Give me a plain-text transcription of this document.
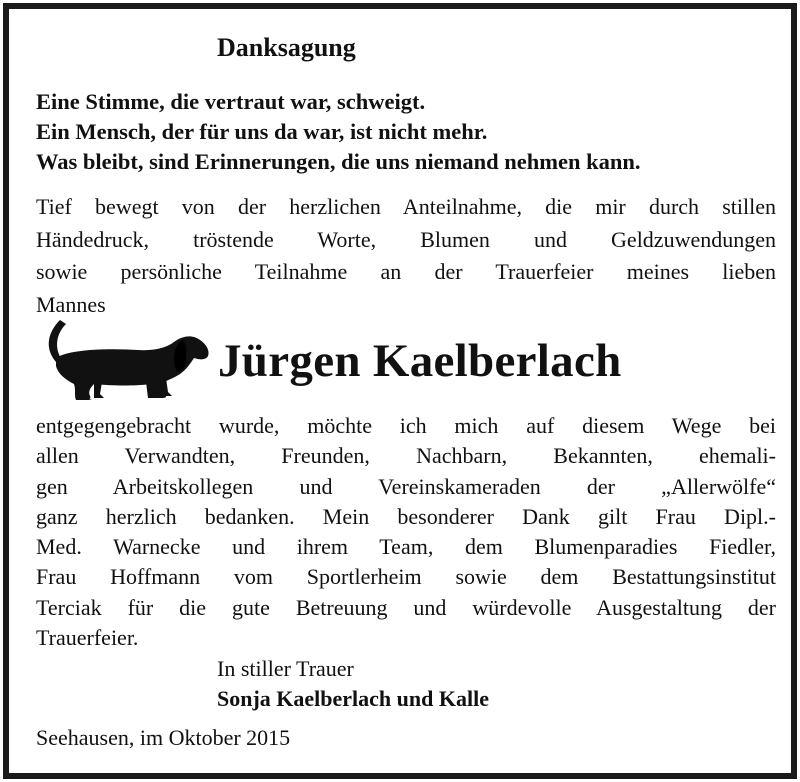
Danksagung
Eine Stimme, die vertraut war, schweigt.
Ein Mensch, der für uns da war, ist nicht mehr.
Was bleibt, sind Erinnerungen, die uns niemand nehmen kann.
Tief bewegt von der herzlichen Anteilnahme, die mir durch stillen
Händedruck, tröstende Worte, Blumen und Geldzuwendungen
sowie persönliche Teilnahme an der Trauerfeier meines lieben
Mannes
Jürgen Kaelberlach
entgegengebracht wurde, möchte ich mich auf diesem Wege bei
allen Verwandten, Freunden, Nachbarn, Bekannten, ehemali-
gen Arbeitskollegen und Vereinskameraden der „Allerwölfe“
ganz herzlich bedanken. Mein besonderer Dank gilt Frau Dipl.-
Med. Warnecke und ihrem Team, dem Blumenparadies Fiedler,
Frau Hoffmann vom Sportlerheim sowie dem Bestattungsinstitut
Terciak für die gute Betreuung und würdevolle Ausgestaltung der
Trauerfeier.
In stiller Trauer
Sonja Kaelberlach und Kalle
Seehausen, im Oktober 2015
